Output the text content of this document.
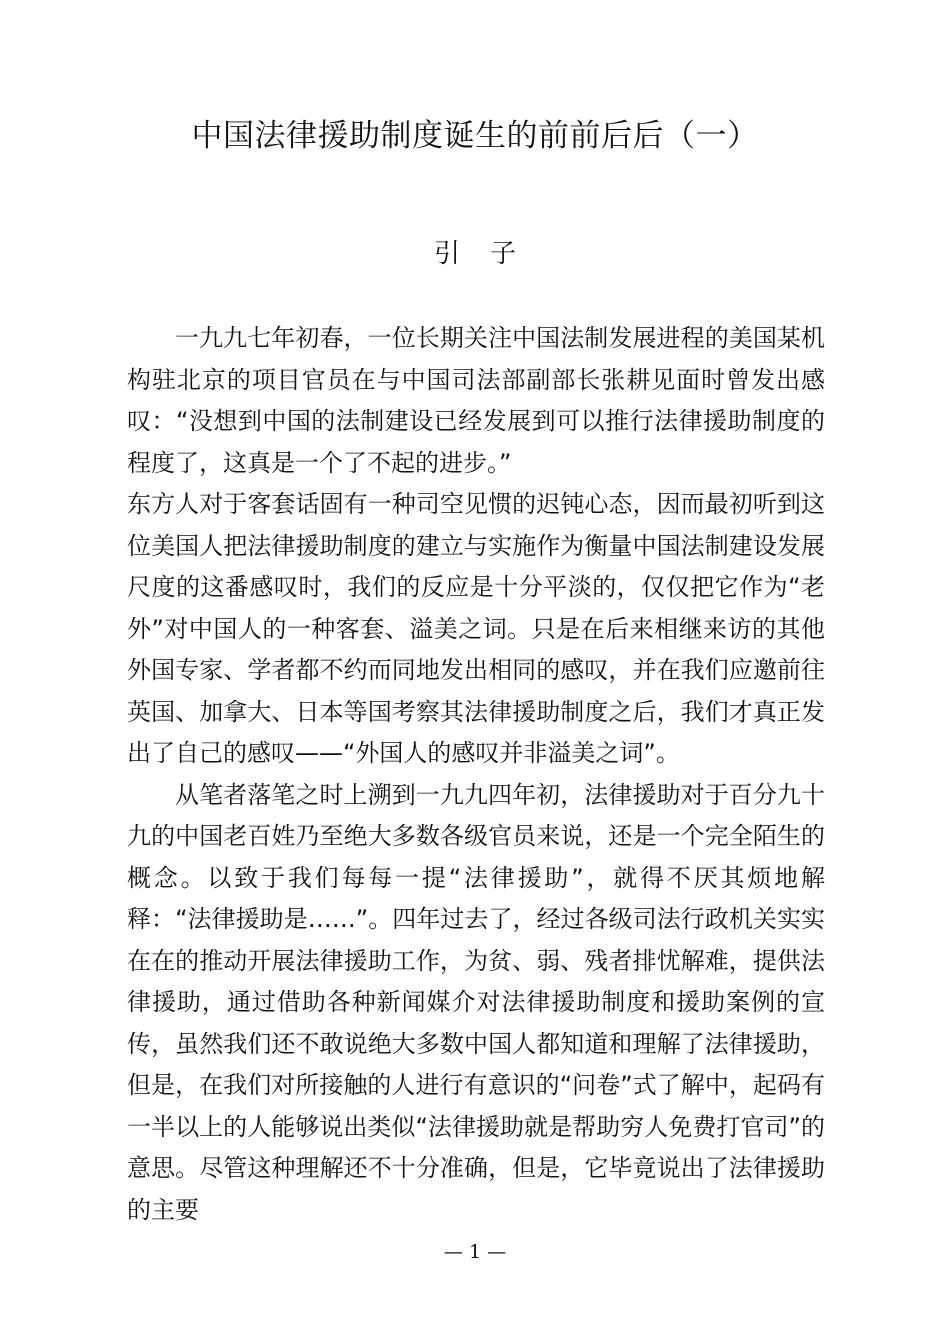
中国法律援助制度诞生的前前后后（一）
引 子

一九九七年初春，一位长期关注中国法制发展进程的美国某机构驻北京的项目官员在与中国司法部副部长张耕见面时曾发出感叹：“没想到中国的法制建设已经发展到可以推行法律援助制度的程度了，这真是一个了不起的进步。”

东方人对于客套话固有一种司空见惯的迟钝心态，因而最初听到这位美国人把法律援助制度的建立与实施作为衡量中国法制建设发展尺度的这番感叹时，我们的反应是十分平淡的，仅仅把它作为“老外”对中国人的一种客套、溢美之词。只是在后来相继来访的其他外国专家、学者都不约而同地发出相同的感叹，并在我们应邀前往英国、加拿大、日本等国考察其法律援助制度之后，我们才真正发出了自己的感叹——“外国人的感叹并非溢美之词”。

从笔者落笔之时上溯到一九九四年初，法律援助对于百分九十九的中国老百姓乃至绝大多数各级官员来说，还是一个完全陌生的概念。以致于我们每每一提“法律援助”，就得不厌其烦地解释：“法律援助是……”。四年过去了，经过各级司法行政机关实实在在的推动开展法律援助工作，为贫、弱、残者排忧解难，提供法律援助，通过借助各种新闻媒介对法律援助制度和援助案例的宣传，虽然我们还不敢说绝大多数中国人都知道和理解了法律援助，但是，在我们对所接触的人进行有意识的“问卷”式了解中，起码有一半以上的人能够说出类似“法律援助就是帮助穷人免费打官司”的意思。尽管这种理解还不十分准确，但是，它毕竟说出了法律援助的主要

— 1 —
